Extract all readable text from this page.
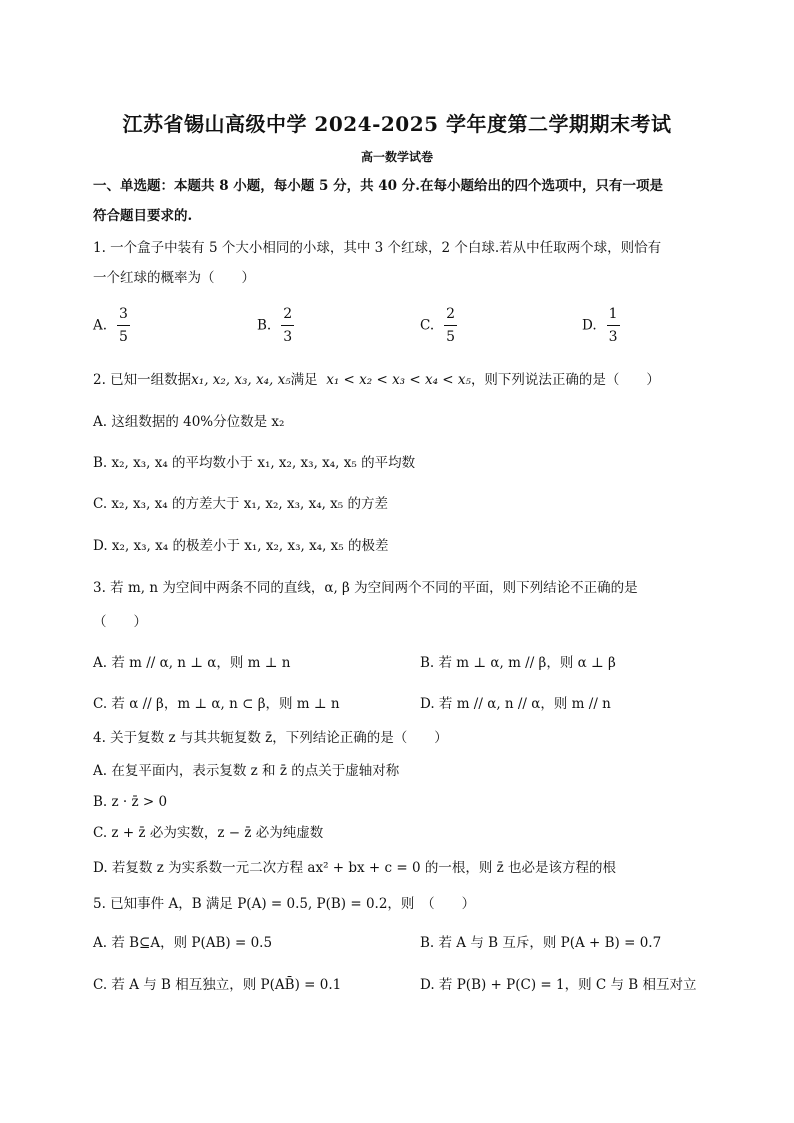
江苏省锡山高级中学 2024-2025 学年度第二学期期末考试
高一数学试卷
一、单选题：本题共 8 小题，每小题 5 分，共 40 分.在每小题给出的四个选项中，只有一项是
符合题目要求的.
1. 一个盒子中装有 5 个大小相同的小球，其中 3 个红球，2 个白球.若从中任取两个球，则恰有
一个红球的概率为（　　）
A. $\frac{3}{5}$	B. $\frac{2}{3}$	C. $\frac{2}{5}$	D. $\frac{1}{3}$
2. 已知一组数据x₁, x₂, x₃, x₄, x₅满足 x₁ < x₂ < x₃ < x₄ < x₅，则下列说法正确的是（　　）
A. 这组数据的 40%分位数是 x₂
B. x₂, x₃, x₄ 的平均数小于 x₁, x₂, x₃, x₄, x₅ 的平均数
C. x₂, x₃, x₄ 的方差大于 x₁, x₂, x₃, x₄, x₅ 的方差
D. x₂, x₃, x₄ 的极差小于 x₁, x₂, x₃, x₄, x₅ 的极差
3. 若 m, n 为空间中两条不同的直线，α, β 为空间两个不同的平面，则下列结论不正确的是
（　　）
A. 若 m // α, n ⊥ α，则 m ⊥ n	B. 若 m ⊥ α, m // β，则 α ⊥ β
C. 若 α // β，m ⊥ α, n ⊂ β，则 m ⊥ n	D. 若 m // α, n // α，则 m // n
4. 关于复数 z 与其共轭复数 z̄，下列结论正确的是（　　）
A. 在复平面内，表示复数 z 和 z̄ 的点关于虚轴对称
B. z · z̄ > 0
C. z + z̄ 必为实数，z − z̄ 必为纯虚数
D. 若复数 z 为实系数一元二次方程 ax² + bx + c = 0 的一根，则 z̄ 也必是该方程的根
5. 已知事件 A，B 满足 P(A) = 0.5, P(B) = 0.2，则　（　　）
A. 若 B⊆A，则 P(AB) = 0.5	B. 若 A 与 B 互斥，则 P(A + B) = 0.7
C. 若 A 与 B 相互独立，则 P(AB̄) = 0.1	D. 若 P(B) + P(C) = 1，则 C 与 B 相互对立
